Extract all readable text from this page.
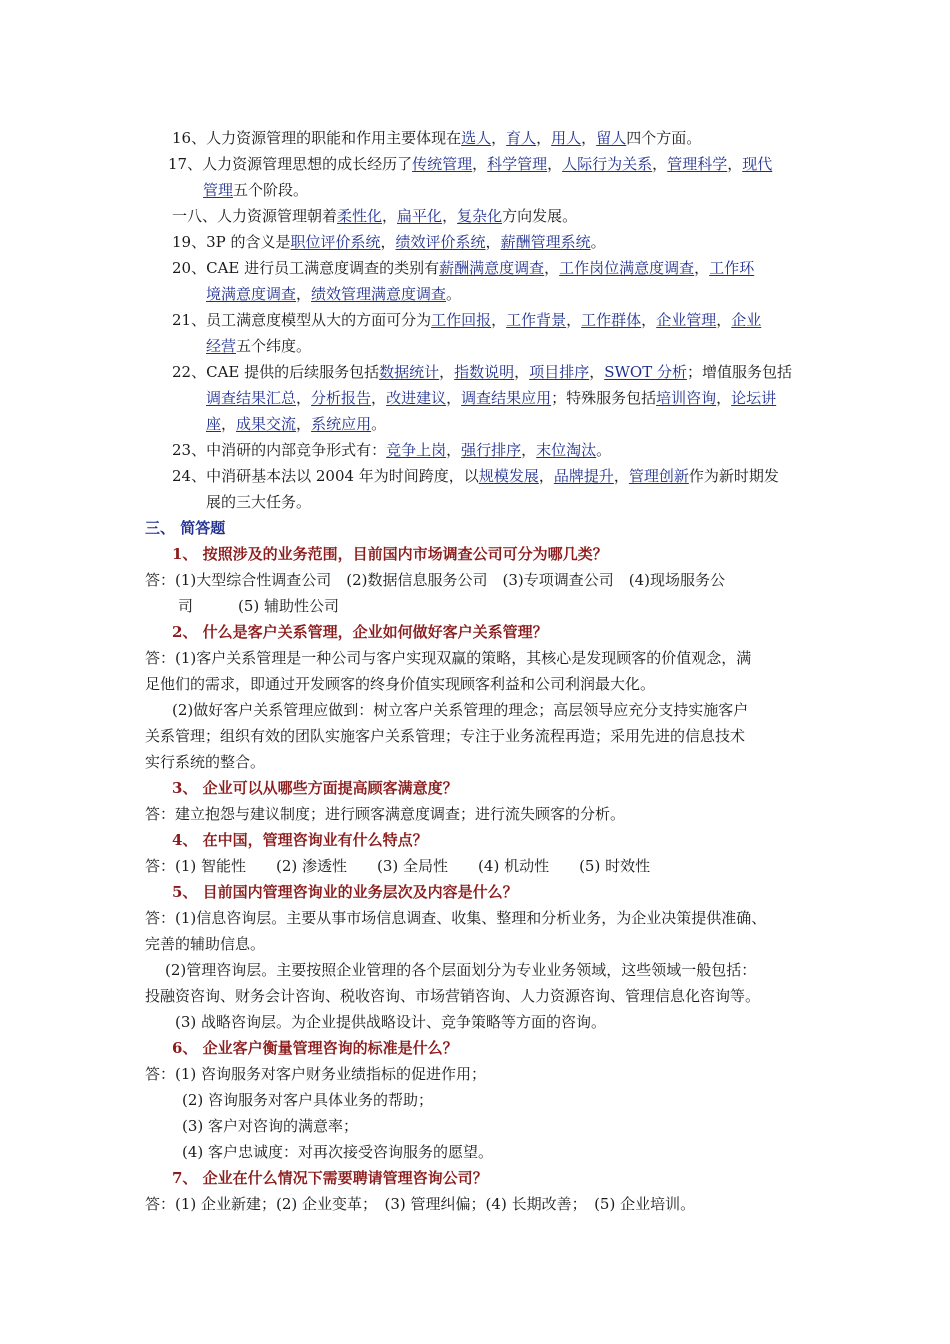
16、人力资源管理的职能和作用主要体现在选人，育人，用人，留人四个方面。
17、人力资源管理思想的成长经历了传统管理，科学管理，人际行为关系，管理科学，现代
管理五个阶段。
一八、人力资源管理朝着柔性化，扁平化，复杂化方向发展。
19、3P 的含义是职位评价系统，绩效评价系统，薪酬管理系统。
20、CAE 进行员工满意度调查的类别有薪酬满意度调查，工作岗位满意度调查，工作环
境满意度调查，绩效管理满意度调查。
21、员工满意度模型从大的方面可分为工作回报，工作背景，工作群体，企业管理，企业
经营五个纬度。
22、CAE 提供的后续服务包括数据统计，指数说明，项目排序，SWOT 分析；增值服务包括
调查结果汇总，分析报告，改进建议，调查结果应用；特殊服务包括培训咨询，论坛讲
座，成果交流，系统应用。
23、中消研的内部竞争形式有：竞争上岗，强行排序，末位淘汰。
24、中消研基本法以 2004 年为时间跨度，以规模发展，品牌提升，管理创新作为新时期发
展的三大任务。
三、 简答题
1、 按照涉及的业务范围，目前国内市场调查公司可分为哪几类？
答：(1)大型综合性调查公司　(2)数据信息服务公司　(3)专项调查公司　(4)现场服务公
司　　　(5) 辅助性公司
2、 什么是客户关系管理，企业如何做好客户关系管理？
答：(1)客户关系管理是一种公司与客户实现双赢的策略，其核心是发现顾客的价值观念，满
足他们的需求，即通过开发顾客的终身价值实现顾客利益和公司利润最大化。
(2)做好客户关系管理应做到：树立客户关系管理的理念；高层领导应充分支持实施客户
关系管理；组织有效的团队实施客户关系管理；专注于业务流程再造；采用先进的信息技术
实行系统的整合。
3、 企业可以从哪些方面提高顾客满意度？
答：建立抱怨与建议制度；进行顾客满意度调查；进行流失顾客的分析。
4、 在中国，管理咨询业有什么特点？
答：(1) 智能性　　(2) 渗透性　　(3) 全局性　　(4) 机动性　　(5) 时效性
5、 目前国内管理咨询业的业务层次及内容是什么？
答：(1)信息咨询层。主要从事市场信息调查、收集、整理和分析业务，为企业决策提供准确、
完善的辅助信息。
(2)管理咨询层。主要按照企业管理的各个层面划分为专业业务领域，这些领域一般包括：
投融资咨询、财务会计咨询、税收咨询、市场营销咨询、人力资源咨询、管理信息化咨询等。
(3) 战略咨询层。为企业提供战略设计、竞争策略等方面的咨询。
6、 企业客户衡量管理咨询的标准是什么？
答：(1) 咨询服务对客户财务业绩指标的促进作用；
(2) 咨询服务对客户具体业务的帮助；
(3) 客户对咨询的满意率；
(4) 客户忠诚度：对再次接受咨询服务的愿望。
7、 企业在什么情况下需要聘请管理咨询公司？
答：(1) 企业新建；(2) 企业变革；　(3) 管理纠偏；(4) 长期改善；　(5) 企业培训。
